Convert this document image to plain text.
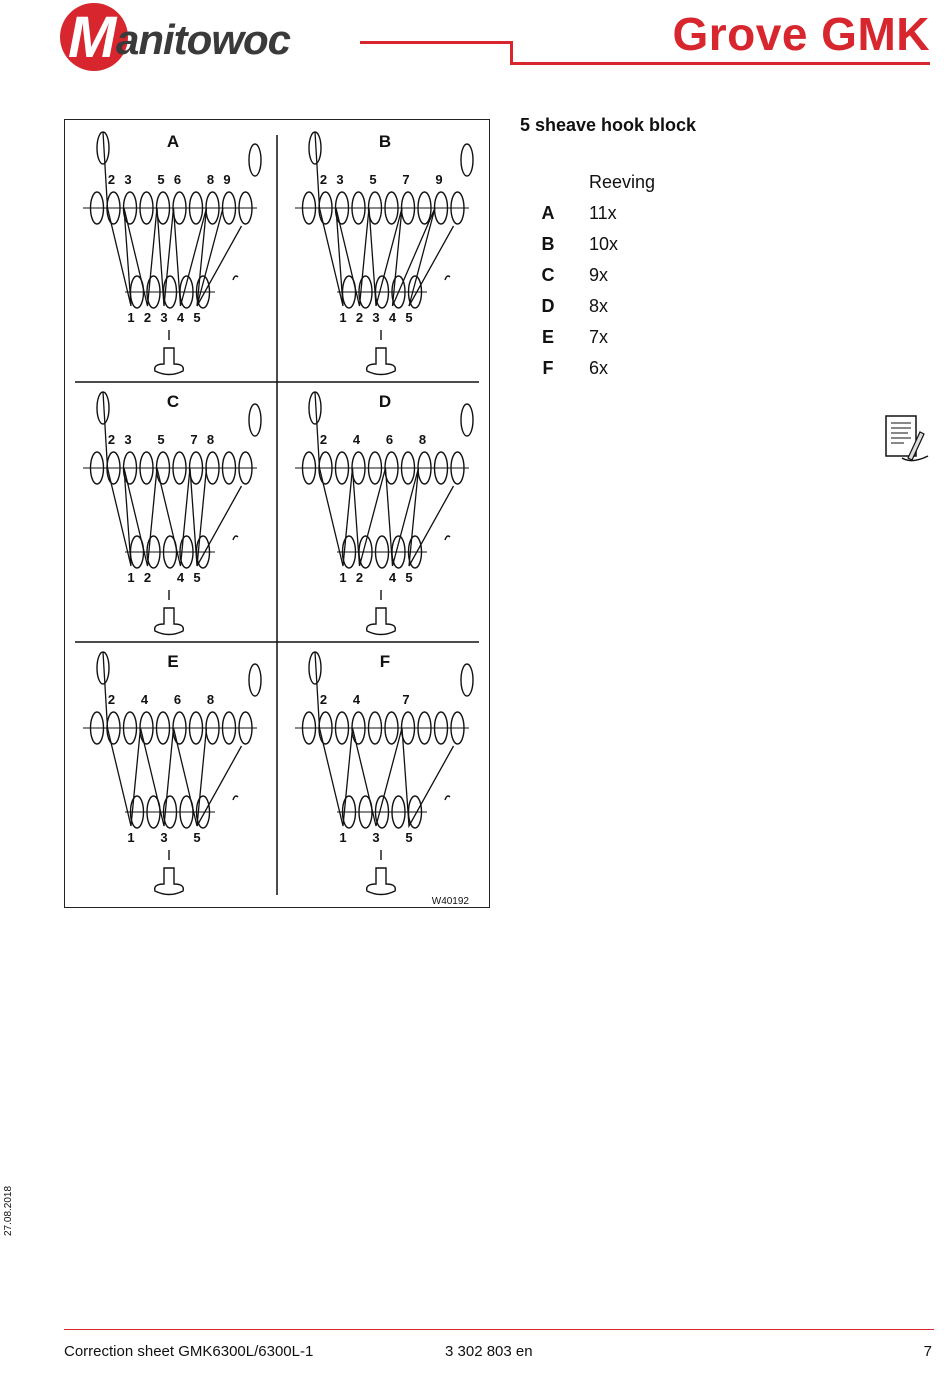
M anitowoc	Grove GMK
A
2 3 5 6 8 9
1 2 3 4 5
B
2 3 5 7 9
1 2 3 4 5
C
2 3 5 7 8
1 2 4 5
D
2 4 6 8
1 2 4 5
E
2 4 6 8
1 3 5
F
2 4	7
1 3 5
W40192
5 sheave hook block
Reeving
A	11x
B	10x
C	9x
D	8x
E	7x
F	6x
27.08.2018
Correction sheet GMK6300L/6300L-1	3 302 803 en	7
